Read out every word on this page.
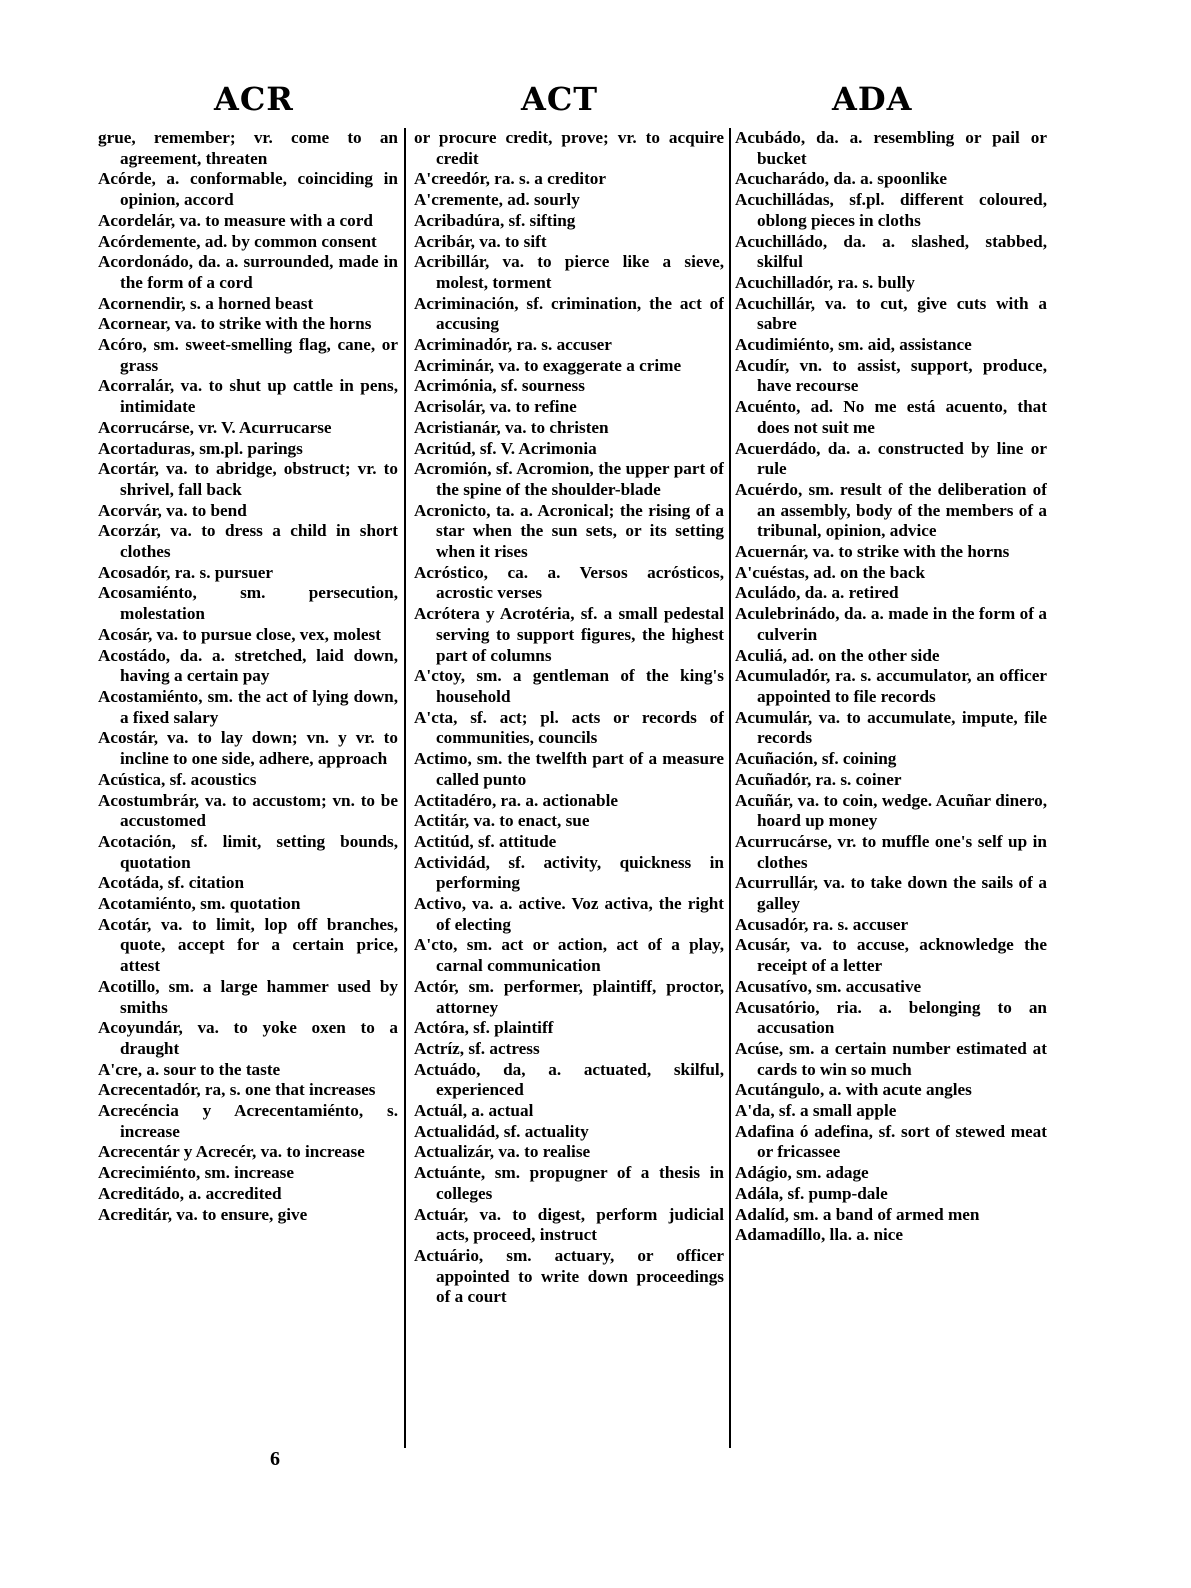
ACR	ACT	ADA

grue, remember; vr. come to an agreement, threaten

Acórde, a. conformable, coinciding in opinion, accord

Acordelár, va. to measure with a cord

Acórdemente, ad. by common consent

Acordonádo, da. a. surrounded, made in the form of a cord

Acornendir, s. a horned beast

Acornear, va. to strike with the horns

Acóro, sm. sweet-smelling flag, cane, or grass

Acorralár, va. to shut up cattle in pens, intimidate

Acorrucárse, vr. V. Acurrucarse

Acortaduras, sm.pl. parings

Acortár, va. to abridge, obstruct; vr. to shrivel, fall back

Acorvár, va. to bend

Acorzár, va. to dress a child in short clothes

Acosadór, ra. s. pursuer

Acosamiénto, sm. persecution, molestation

Acosár, va. to pursue close, vex, molest

Acostádo, da. a. stretched, laid down, having a certain pay

Acostamiénto, sm. the act of lying down, a fixed salary

Acostár, va. to lay down; vn. y vr. to incline to one side, adhere, approach

Acústica, sf. acoustics

Acostumbrár, va. to accustom; vn. to be accustomed

Acotación, sf. limit, setting bounds, quotation

Acotáda, sf. citation

Acotamiénto, sm. quotation

Acotár, va. to limit, lop off branches, quote, accept for a certain price, attest

Acotillo, sm. a large hammer used by smiths

Acoyundár, va. to yoke oxen to a draught

A'cre, a. sour to the taste

Acrecentadór, ra, s. one that increases

Acrecéncia y Acrecentamiénto, s. increase

Acrecentár y Acrecér, va. to increase

Acrecimiénto, sm. increase

Acreditádo, a. accredited

Acreditár, va. to ensure, give

or procure credit, prove; vr. to acquire credit

A'creedór, ra. s. a creditor

A'cremente, ad. sourly

Acribadúra, sf. sifting

Acribár, va. to sift

Acribillár, va. to pierce like a sieve, molest, torment

Acriminación, sf. crimination, the act of accusing

Acriminadór, ra. s. accuser

Acriminár, va. to exaggerate a crime

Acrimónia, sf. sourness

Acrisolár, va. to refine

Acristianár, va. to christen

Acritúd, sf. V. Acrimonia

Acromión, sf. Acromion, the upper part of the spine of the shoulder-blade

Acronicto, ta. a. Acronical; the rising of a star when the sun sets, or its setting when it rises

Acróstico, ca. a. Versos acrósticos, acrostic verses

Acrótera y Acrotéria, sf. a small pedestal serving to support figures, the highest part of columns

A'ctoy, sm. a gentleman of the king's household

A'cta, sf. act; pl. acts or records of communities, councils

Actimo, sm. the twelfth part of a measure called punto

Actitadéro, ra. a. actionable

Actitár, va. to enact, sue

Actitúd, sf. attitude

Actividád, sf. activity, quickness in performing

Activo, va. a. active. Voz activa, the right of electing

A'cto, sm. act or action, act of a play, carnal communication

Actór, sm. performer, plaintiff, proctor, attorney

Actóra, sf. plaintiff

Actríz, sf. actress

Actuádo, da, a. actuated, skilful, experienced

Actuál, a. actual

Actualidád, sf. actuality

Actualizár, va. to realise

Actuánte, sm. propugner of a thesis in colleges

Actuár, va. to digest, perform judicial acts, proceed, instruct

Actuário, sm. actuary, or officer appointed to write down proceedings of a court

Acubádo, da. a. resembling or pail or bucket

Acucharádo, da. a. spoonlike

Acuchilládas, sf.pl. different coloured, oblong pieces in cloths

Acuchilládo, da. a. slashed, stabbed, skilful

Acuchilladór, ra. s. bully

Acuchillár, va. to cut, give cuts with a sabre

Acudimiénto, sm. aid, assistance

Acudír, vn. to assist, support, produce, have recourse

Acuénto, ad. No me está acuento, that does not suit me

Acuerdádo, da. a. constructed by line or rule

Acuérdo, sm. result of the deliberation of an assembly, body of the members of a tribunal, opinion, advice

Acuernár, va. to strike with the horns

A'cuéstas, ad. on the back

Aculádo, da. a. retired

Aculebrinádo, da. a. made in the form of a culverin

Aculiá, ad. on the other side

Acumuladór, ra. s. accumulator, an officer appointed to file records

Acumulár, va. to accumulate, impute, file records

Acuñación, sf. coining

Acuñadór, ra. s. coiner

Acuñár, va. to coin, wedge. Acuñar dinero, hoard up money

Acurrucárse, vr. to muffle one's self up in clothes

Acurrullár, va. to take down the sails of a galley

Acusadór, ra. s. accuser

Acusár, va. to accuse, acknowledge the receipt of a letter

Acusatívo, sm. accusative

Acusatório, ria. a. belonging to an accusation

Acúse, sm. a certain number estimated at cards to win so much

Acutángulo, a. with acute angles

A'da, sf. a small apple

Adafina ó adefina, sf. sort of stewed meat or fricassee

Adágio, sm. adage

Adála, sf. pump-dale

Adalíd, sm. a band of armed men

Adamadíllo, lla. a. nice

6
